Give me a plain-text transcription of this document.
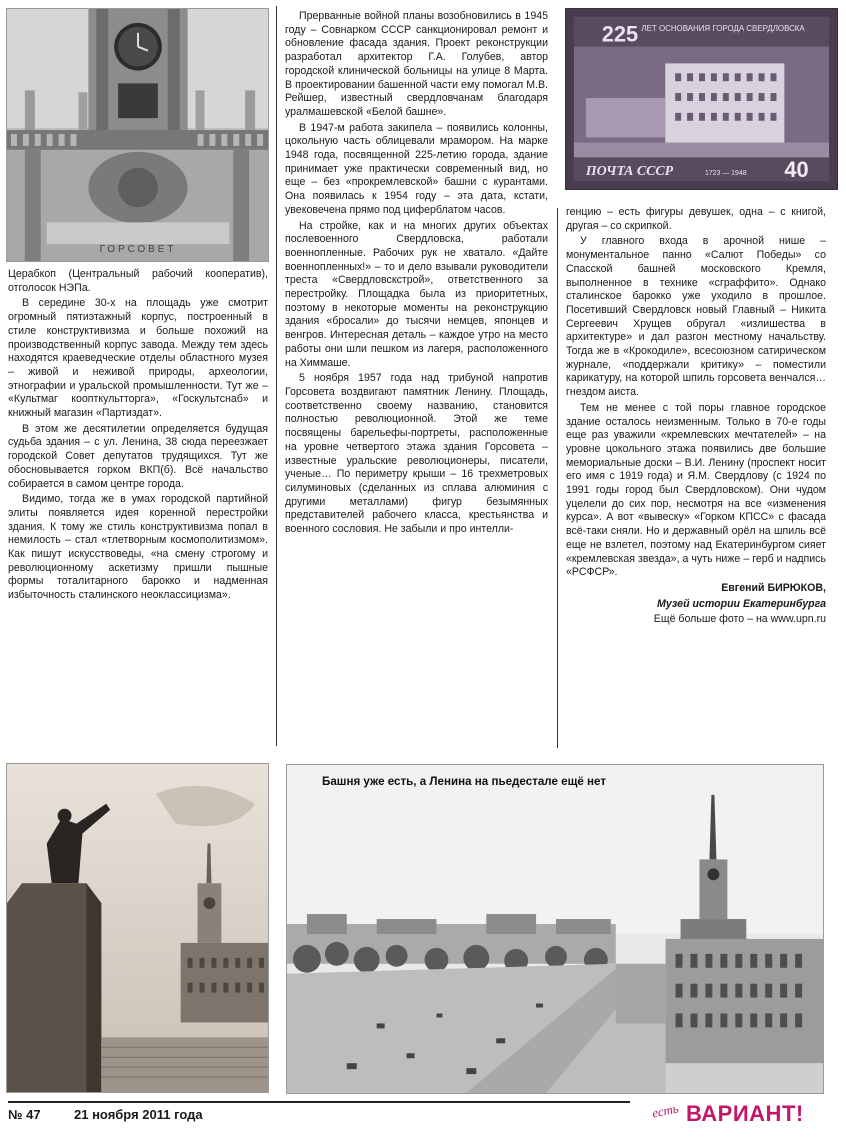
ГОРСОВЕТ
225 ЛЕТ ОСНОВАНИЯ ГОРОДА СВЕРДЛОВСКА
ПОЧТА СССР	1723 — 1948 40

Церабкоп (Центральный рабочий кооператив), отголосок НЭПа.

В середине 30-х на площадь уже смотрит огромный пятиэтажный корпус, построенный в стиле конструктивизма и больше похожий на производственный корпус завода. Между тем здесь находятся краеведческие отделы областного музея – живой и неживой природы, археологии, этнографии и уральской промышленности. Тут же – «Культмаг коопткультторга», «Госкультснаб» и книжный магазин «Партиздат».

В этом же десятилетии определяется будущая судьба здания – с ул. Ленина, 38 сюда переезжает городской Совет депутатов трудящихся. Тут же обосновывается горком ВКП(б). Всё начальство собирается в самом центре города.

Видимо, тогда же в умах городской партийной элиты появляется идея коренной перестройки здания. К тому же стиль конструктивизма попал в немилость – стал «тлетворным космополитизмом». Как пишут искусствоведы, «на смену строгому и революционному аскетизму пришли пышные формы тоталитарного барокко и надменная избыточность сталинского неоклассицизма».

Прерванные войной планы возобновились в 1945 году – Совнарком СССР санкционировал ремонт и обновление фасада здания. Проект реконструкции разработал архитектор Г.А. Голубев, автор городской клинической больницы на улице 8 Марта. В проектировании башенной части ему помогал М.В. Рейшер, известный свердловчанам благодаря уралмашевской «Белой башне».

В 1947-м работа закипела – появились колонны, цокольную часть облицевали мрамором. На марке 1948 года, посвященной 225-летию города, здание принимает уже практически современный вид, но еще – без «прокремлевской» башни с курантами. Она появилась к 1954 году – эта дата, кстати, увековечена прямо под циферблатом часов.

На стройке, как и на многих других объектах послевоенного Свердловска, работали военнопленные. Рабочих рук не хватало. «Дайте военнопленных!» – то и дело взывали руководители треста «Свердловскстрой», ответственного за перестройку. Площадка была из приоритетных, поэтому в некоторые моменты на реконструкцию здания «бросали» до тысячи немцев, японцев и венгров. Интересная деталь – каждое утро на место работы они шли пешком из лагеря, расположенного на Химмаше.

5 ноября 1957 года над трибуной напротив Горсовета воздвигают памятник Ленину. Площадь, соответственно своему названию, становится полностью революционной. Этой же теме посвящены барельефы-портреты, расположенные на уровне четвертого этажа здания Горсовета – известные уральские революционеры, писатели, ученые… По периметру крыши – 16 трехметровых силуминовых (сделанных из сплава алюминия с другими металлами) фигур безымянных представителей рабочего класса, крестьянства и военного сословия. Не забыли и про интелли-

генцию – есть фигуры девушек, одна – с книгой, другая – со скрипкой.

У главного входа в арочной нише – монументальное панно «Салют Победы» со Спасской башней московского Кремля, выполненное в технике «сграффито». Однако сталинское барокко уже уходило в прошлое. Посетивший Свердловск новый Главный – Никита Сергеевич Хрущев обругал «излишества в архитектуре» и дал разгон местному начальству. Тогда же в «Крокодиле», всесоюзном сатирическом журнале, «поддержали критику» – поместили карикатуру, на которой шпиль горсовета венчался… гнездом аиста.

Тем не менее с той поры главное городское здание осталось неизменным. Только в 70-е годы еще раз уважили «кремлевских мечтателей» – на уровне цокольного этажа появились две большие мемориальные доски – В.И. Ленину (проспект носит его имя с 1919 года) и Я.М. Свердлову (с 1924 по 1991 годы город был Свердловском). Они чудом уцелели до сих пор, несмотря на все «изменения курса». А вот «вывеску» «Горком КПСС» с фасада всё-таки сняли. Но и державный орёл на шпиль всё еще не взлетел, поэтому над Екатеринбургом сияет «кремлевская звезда», а чуть ниже – герб и надпись «РСФСР».

Евгений БИРЮКОВ,

Музей истории Екатеринбурга

Ещё больше фото – на www.upn.ru

Башня уже есть, а Ленина на пьедестале ещё нет
№ 47	21 ноября 2011 года	есть ВАРИАНТ!
